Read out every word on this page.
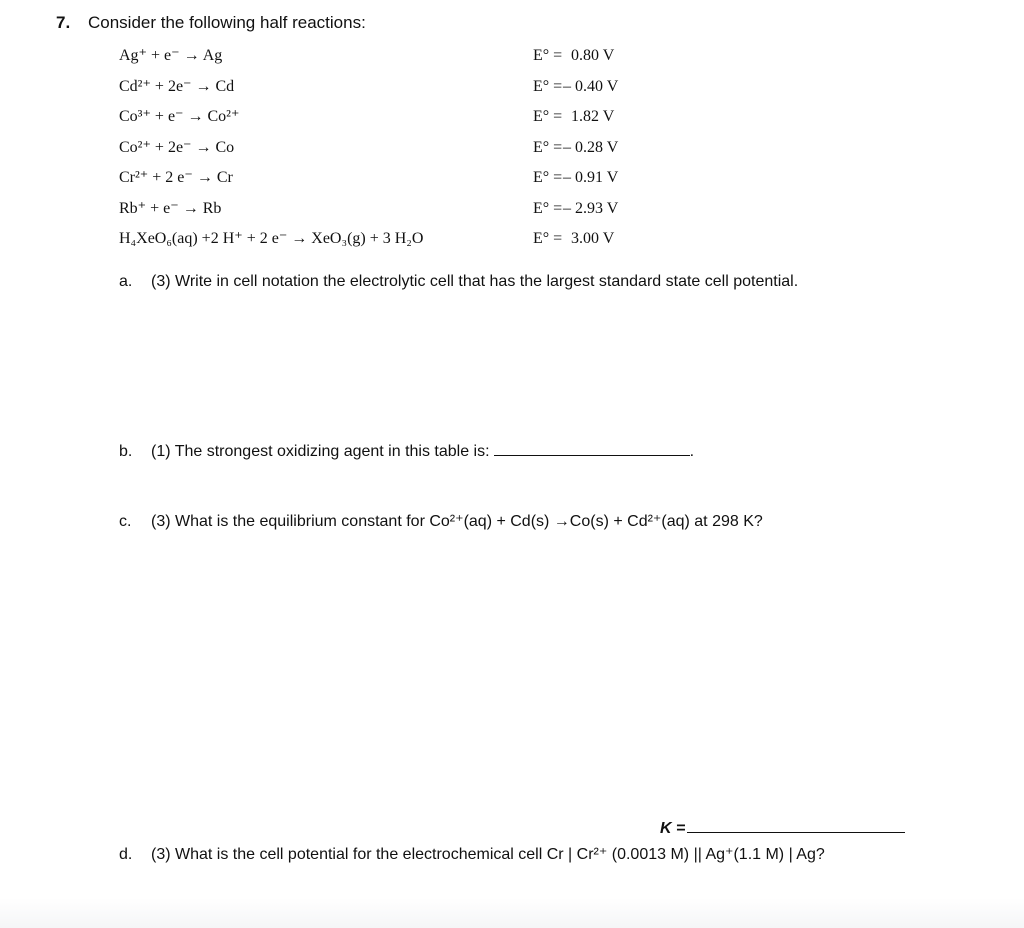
7. Consider the following half reactions:
Ag⁺ + e⁻ → Ag	E° = 0.80 V
Cd²⁺ + 2e⁻ → Cd	E° = – 0.40 V
Co³⁺ + e⁻ → Co²⁺	E° = 1.82 V
Co²⁺ + 2e⁻ → Co	E° = – 0.28 V
Cr²⁺ + 2 e⁻ → Cr	E° = – 0.91 V
Rb⁺ + e⁻ → Rb	E° = – 2.93 V
H₄XeO₆(aq) +2 H⁺ + 2 e⁻ → XeO₃(g) + 3 H₂O	E° = 3.00 V
a. (3) Write in cell notation the electrolytic cell that has the largest standard state cell potential.
b. (1) The strongest oxidizing agent in this table is:	.
c. (3) What is the equilibrium constant for Co²⁺(aq) + Cd(s) →Co(s) + Cd²⁺(aq) at 298 K?
K =
d. (3) What is the cell potential for the electrochemical cell Cr | Cr²⁺ (0.0013 M) || Ag⁺(1.1 M) | Ag?
